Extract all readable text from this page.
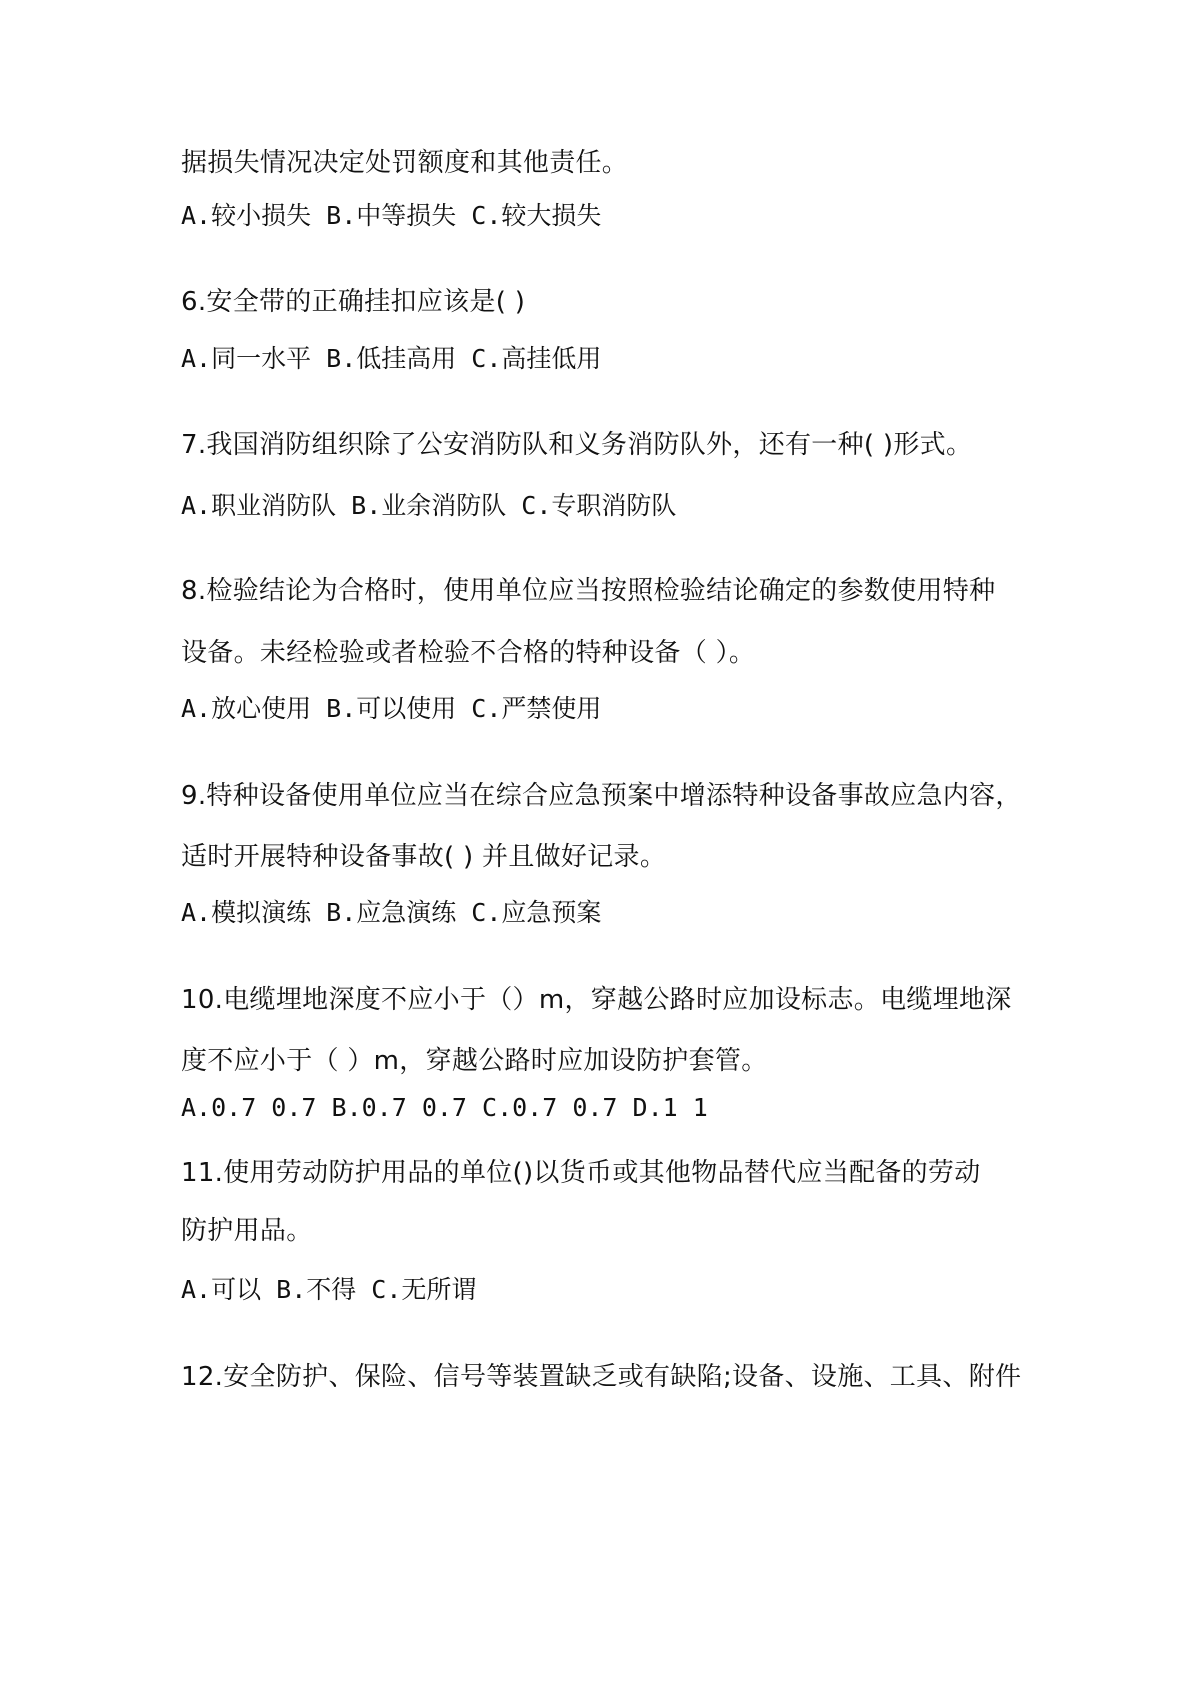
据损失情况决定处罚额度和其他责任。
A.较小损失 B.中等损失 C.较大损失
6.安全带的正确挂扣应该是( )
A.同一水平 B.低挂高用 C.高挂低用
7.我国消防组织除了公安消防队和义务消防队外，还有一种( )形式。
A.职业消防队 B.业余消防队 C.专职消防队
8.检验结论为合格时，使用单位应当按照检验结论确定的参数使用特种
设备。未经检验或者检验不合格的特种设备（ ）。
A.放心使用 B.可以使用 C.严禁使用
9.特种设备使用单位应当在综合应急预案中增添特种设备事故应急内容，
适时开展特种设备事故( ) 并且做好记录。
A.模拟演练 B.应急演练 C.应急预案
10.电缆埋地深度不应小于（）m，穿越公路时应加设标志。电缆埋地深
度不应小于（ ）m，穿越公路时应加设防护套管。
A.0.7 0.7 B.0.7 0.7 C.0.7 0.7 D.1 1
11.使用劳动防护用品的单位()以货币或其他物品替代应当配备的劳动
防护用品。
A.可以 B.不得 C.无所谓
12.安全防护、保险、信号等装置缺乏或有缺陷;设备、设施、工具、附件
